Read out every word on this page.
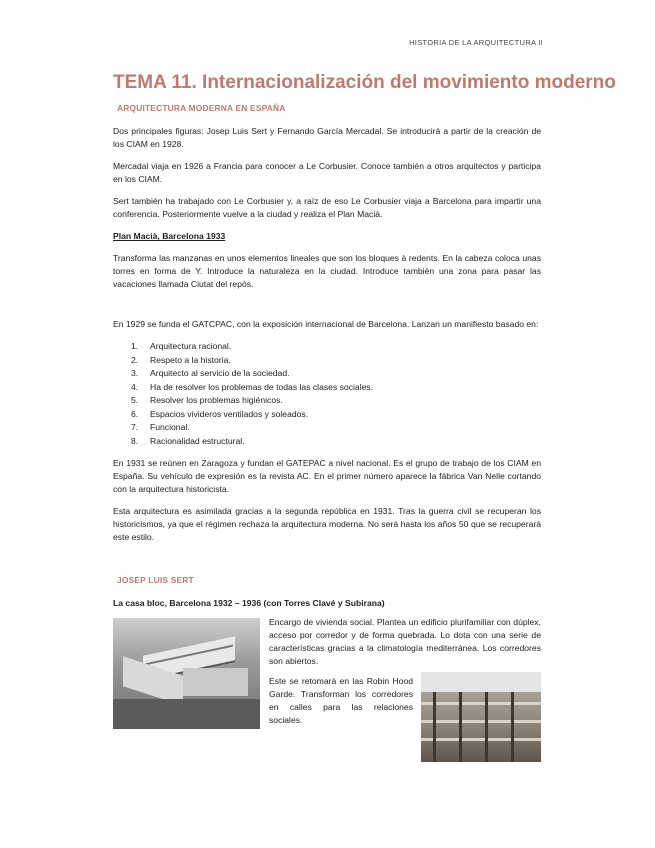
HISTORIA DE LA ARQUITECTURA II
TEMA 11. Internacionalización del movimiento moderno
ARQUITECTURA MODERNA EN ESPAÑA

Dos principales figuras: Josep Luis Sert y Fernando García Mercadal. Se introducirá a partir de la creación de los CIAM en 1928.

Mercadal viaja en 1926 a Francia para conocer a Le Corbusier. Conoce también a otros arquitectos y participa en los CIAM.

Sert también ha trabajado con Le Corbusier y, a raíz de eso Le Corbusier viaja a Barcelona para impartir una conferencia. Posteriormente vuelve a la ciudad y realiza el Plan Macià.

Plan Macià, Barcelona 1933

Transforma las manzanas en unos elementos lineales que son los bloques à redents. En la cabeza coloca unas torres en forma de Y. Introduce la naturaleza en la ciudad. Introduce también una zona para pasar las vacaciones llamada Ciutat del repòs.

En 1929 se funda el GATCPAC, con la exposición internacional de Barcelona. Lanzan un manifiesto basado en:

1.	Arquitectura racional.
2.	Respeto a la historia.
3.	Arquitecto al servicio de la sociedad.
4.	Ha de resolver los problemas de todas las clases sociales.
5.	Resolver los problemas higiénicos.
6.	Espacios vivideros ventilados y soleados.
7.	Funcional.
8.	Racionalidad estructural.

En 1931 se reúnen en Zaragoza y fundan el GATEPAC a nivel nacional. Es el grupo de trabajo de los CIAM en España. Su vehículo de expresión es la revista AC. En el primer número aparece la fábrica Van Nelle cortando con la arquitectura historicista.

Esta arquitectura es asimilada gracias a la segunda república en 1931. Tras la guerra civil se recuperan los historicismos, ya que el régimen rechaza la arquitectura moderna. No será hasta los años 50 que se recuperará este estilo.

JOSEP LUIS SERT
La casa bloc, Barcelona 1932 – 1936 (con Torres Clavé y Subirana)

Encargo de vivienda social. Plantea un edificio plurifamiliar con dúplex, acceso por corredor y de forma quebrada. Lo dota con una serie de características gracias a la climatología mediterránea. Los corredores son abiertos.

Este se retomará en las Robin Hood Garde. Transforman los corredores en calles para las relaciones sociales.
